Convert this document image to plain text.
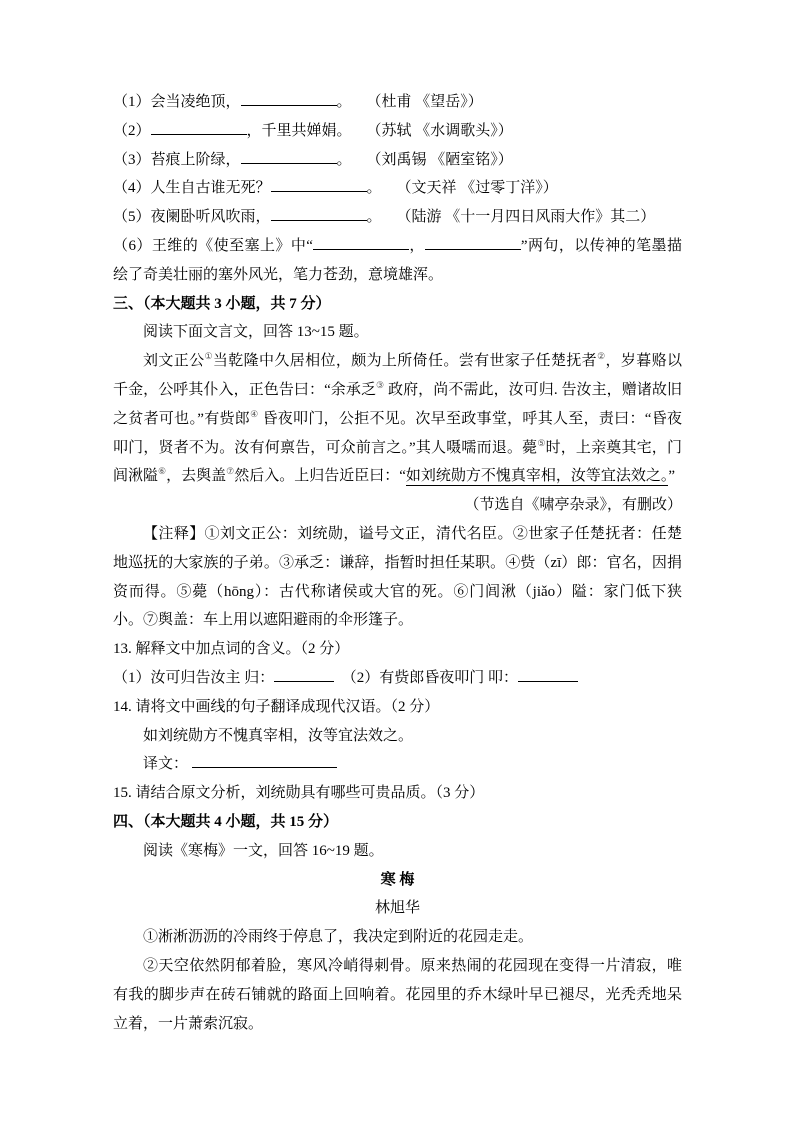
（1）会当凌绝顶，	。　　（杜甫 《望岳》）

（2）	，千里共婵娟。　　（苏轼 《水调歌头》）

（3）苔痕上阶绿，	。　　（刘禹锡 《陋室铭》）

（4）人生自古谁无死？	。　　（文天祥 《过零丁洋》）

（5）夜阑卧听风吹雨，	。　　（陆游 《十一月四日风雨大作》其二）

（6）王维的《使至塞上》中“	，	”两句，以传神的笔墨描绘了奇美壮丽的塞外风光，笔力苍劲，意境雄浑。

三、（本大题共 3 小题，共 7 分）

阅读下面文言文，回答 13~15 题。

刘文正公①当乾隆中久居相位，颇为上所倚任。尝有世家子任楚抚者②，岁暮赂以千金，公呼其仆入，正色告曰：“余承乏③ 政府，尚不需此，汝可归. 告汝主，赠诸故旧之贫者可也。”有赀郎④ 昏夜叩门，公拒不见。次早至政事堂，呼其人至，责曰：“昏夜叩门，贤者不为。汝有何禀告，可众前言之。”其人嗫嚅而退。薨⑤时，上亲奠其宅，门闾湫隘⑥，去舆盖⑦然后入。上归告近臣曰：“如刘统勋方不愧真宰相，汝等宜法效之。”

（节选自《啸亭杂录》，有删改）

【注释】①刘文正公：刘统勋，谥号文正，清代名臣。②世家子任楚抚者：任楚地巡抚的大家族的子弟。③承乏：谦辞，指暂时担任某职。④赀（zī）郎：官名，因捐资而得。⑤薨（hōng）：古代称诸侯或大官的死。⑥门闾湫（jiǎo）隘：家门低下狭小。⑦舆盖：车上用以遮阳避雨的伞形篷子。

13. 解释文中加点词的含义。（2 分）

（1）汝可归告汝主 归：	　（2）有赀郎昏夜叩门 叩：

14. 请将文中画线的句子翻译成现代汉语。（2 分）

如刘统勋方不愧真宰相，汝等宜法效之。

译文：

15. 请结合原文分析，刘统勋具有哪些可贵品质。（3 分）

四、（本大题共 4 小题，共 15 分）

阅读《寒梅》一文，回答 16~19 题。

寒 梅

林旭华

①淅淅沥沥的冷雨终于停息了，我决定到附近的花园走走。

②天空依然阴郁着脸，寒风冷峭得刺骨。原来热闹的花园现在变得一片清寂，唯有我的脚步声在砖石铺就的路面上回响着。花园里的乔木绿叶早已褪尽，光秃秃地呆立着，一片萧索沉寂。
